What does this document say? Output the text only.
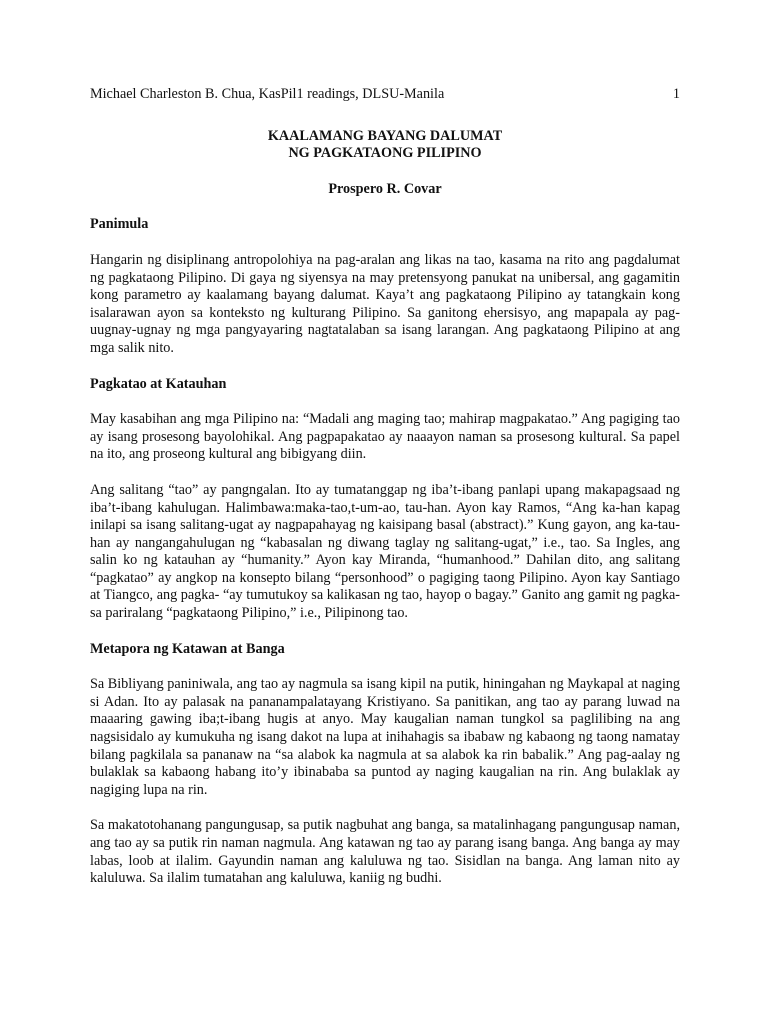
Michael Charleston B. Chua, KasPil1 readings, DLSU-Manila	1
KAALAMANG BAYANG DALUMAT
NG PAGKATAONG PILIPINO
Prospero R. Covar

Panimula

Hangarin ng disiplinang antropolohiya na pag-aralan ang likas na tao, kasama na rito ang pagdalumat ng pagkataong Pilipino. Di gaya ng siyensya na may pretensyong panukat na unibersal, ang gagamitin kong parametro ay kaalamang bayang dalumat. Kaya’t ang pagkataong Pilipino ay tatangkain kong isalarawan ayon sa konteksto ng kulturang Pilipino. Sa ganitong ehersisyo, ang mapapala ay pag-uugnay-ugnay ng mga pangyayaring nagtatalaban sa isang larangan. Ang pagkataong Pilipino at ang mga salik nito.

Pagkatao at Katauhan

May kasabihan ang mga Pilipino na: “Madali ang maging tao; mahirap magpakatao.” Ang pagiging tao ay isang prosesong bayolohikal. Ang pagpapakatao ay naaayon naman sa prosesong kultural. Sa papel na ito, ang proseong kultural ang bibigyang diin.

Ang salitang “tao” ay pangngalan. Ito ay tumatanggap ng iba’t-ibang panlapi upang makapagsaad ng iba’t-ibang kahulugan. Halimbawa:maka-tao,t-um-ao, tau-han. Ayon kay Ramos, “Ang ka-han kapag inilapi sa isang salitang-ugat ay nagpapahayag ng kaisipang basal (abstract).” Kung gayon, ang ka-tau-han ay nangangahulugan ng “kabasalan ng diwang taglay ng salitang-ugat,” i.e., tao. Sa Ingles, ang salin ko ng katauhan ay “humanity.” Ayon kay Miranda, “humanhood.” Dahilan dito, ang salitang “pagkatao” ay angkop na konsepto bilang “personhood” o pagiging taong Pilipino. Ayon kay Santiago at Tiangco, ang pagka- “ay tumutukoy sa kalikasan ng tao, hayop o bagay.” Ganito ang gamit ng pagka- sa pariralang “pagkataong Pilipino,” i.e., Pilipinong tao.

Metapora ng Katawan at Banga

Sa Bibliyang paniniwala, ang tao ay nagmula sa isang kipil na putik, hiningahan ng Maykapal at naging si Adan. Ito ay palasak na pananampalatayang Kristiyano. Sa panitikan, ang tao ay parang luwad na maaaring gawing iba;t-ibang hugis at anyo. May kaugalian naman tungkol sa paglilibing na ang nagsisidalo ay kumukuha ng isang dakot na lupa at inihahagis sa ibabaw ng kabaong ng taong namatay bilang pagkilala sa pananaw na “sa alabok ka nagmula at sa alabok ka rin babalik.” Ang pag-aalay ng bulaklak sa kabaong habang ito’y ibinababa sa puntod ay naging kaugalian na rin. Ang bulaklak ay nagiging lupa na rin.

Sa makatotohanang pangungusap, sa putik nagbuhat ang banga, sa matalinhagang pangungusap naman, ang tao ay sa putik rin naman nagmula. Ang katawan ng tao ay parang isang banga. Ang banga ay may labas, loob at ilalim. Gayundin naman ang kaluluwa ng tao. Sisidlan na banga. Ang laman nito ay kaluluwa. Sa ilalim tumatahan ang kaluluwa, kaniig ng budhi.
